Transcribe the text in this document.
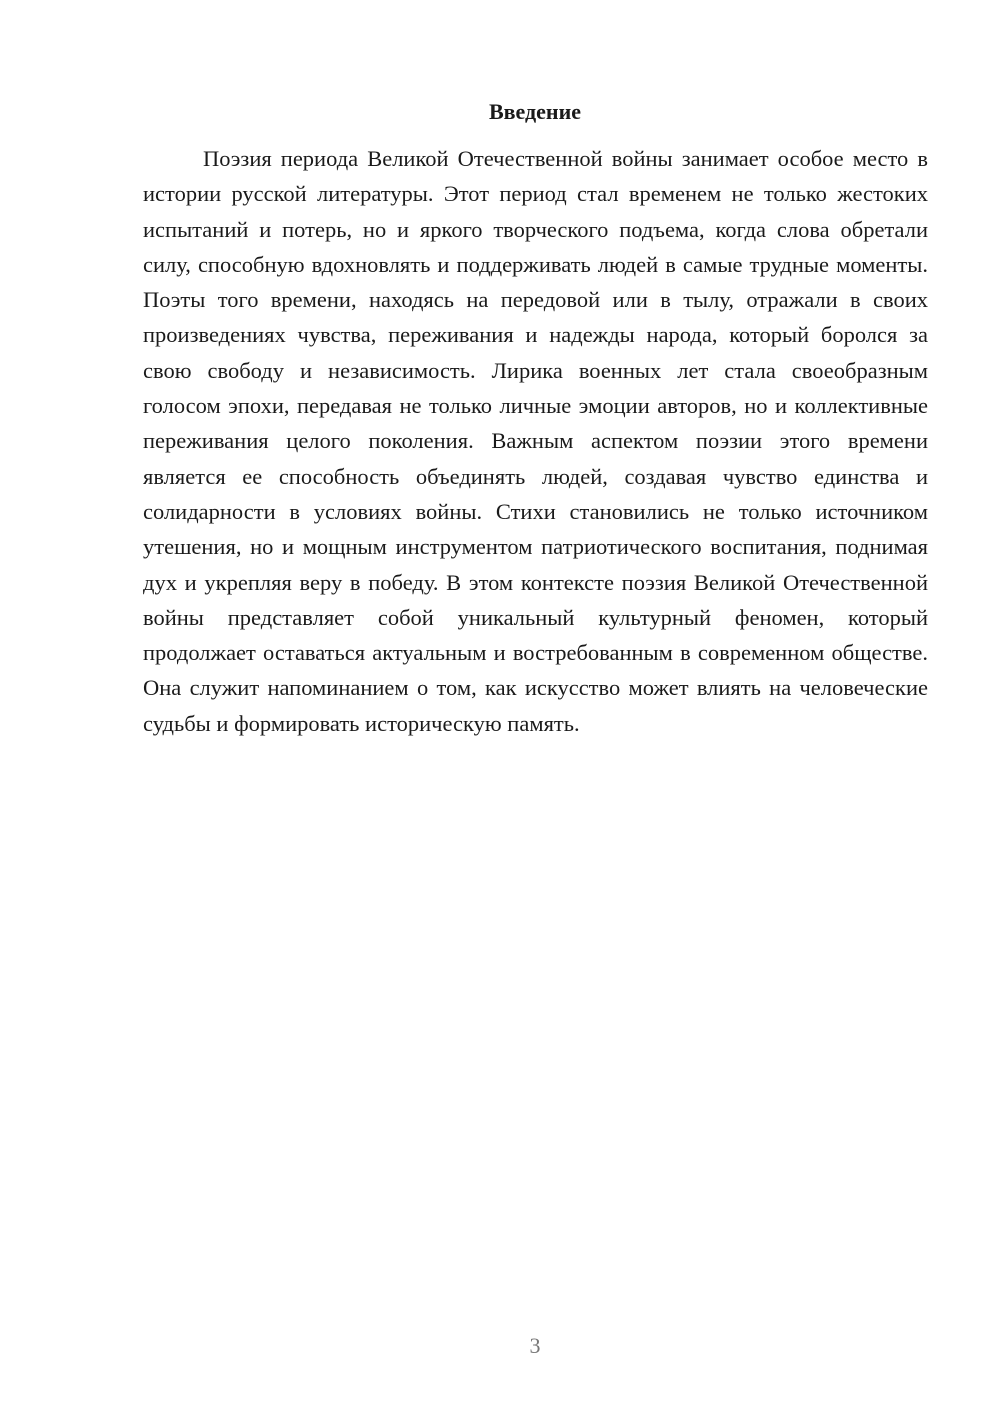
Введение

Поэзия периода Великой Отечественной войны занимает особое место в истории русской литературы. Этот период стал временем не только жестоких испытаний и потерь, но и яркого творческого подъема, когда слова обретали силу, способную вдохновлять и поддерживать людей в самые трудные моменты. Поэты того времени, находясь на передовой или в тылу, отражали в своих произведениях чувства, переживания и надежды народа, который боролся за свою свободу и независимость. Лирика военных лет стала своеобразным голосом эпохи, передавая не только личные эмоции авторов, но и коллективные переживания целого поколения. Важным аспектом поэзии этого времени является ее способность объединять людей, создавая чувство единства и солидарности в условиях войны. Стихи становились не только источником утешения, но и мощным инструментом патриотического воспитания, поднимая дух и укрепляя веру в победу. В этом контексте поэзия Великой Отечественной войны представляет собой уникальный культурный феномен, который продолжает оставаться актуальным и востребованным в современном обществе. Она служит напоминанием о том, как искусство может влиять на человеческие судьбы и формировать историческую память.

3
